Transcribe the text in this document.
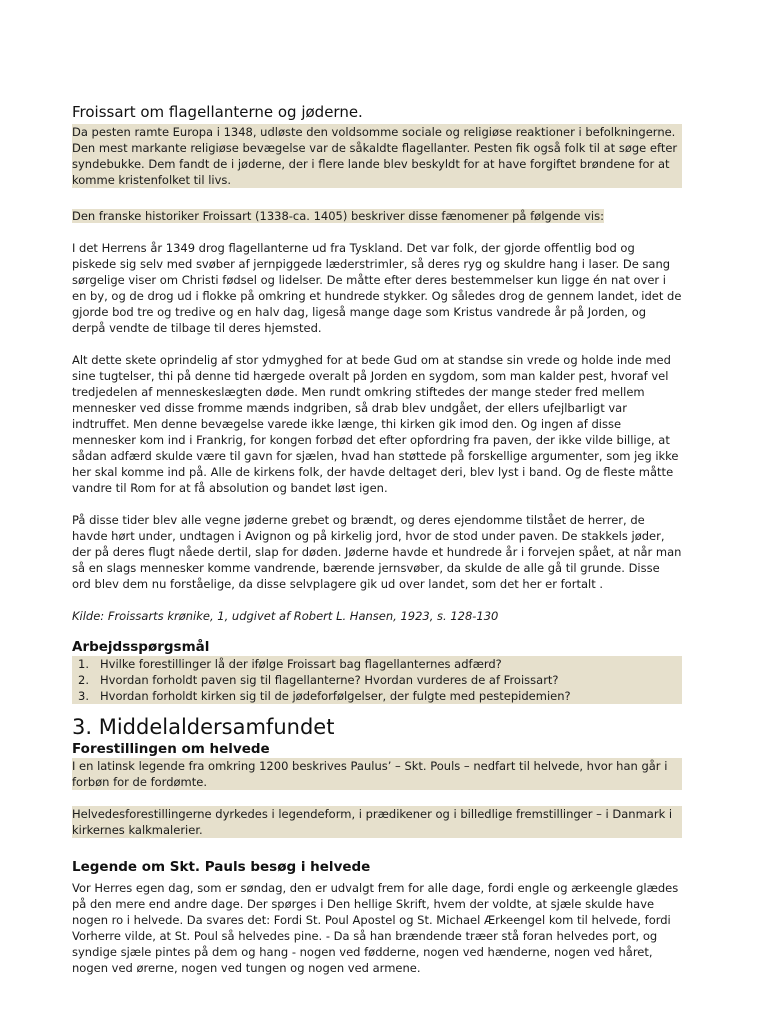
Froissart om flagellanterne og jøderne.

Da pesten ramte Europa i 1348, udløste den voldsomme sociale og religiøse reaktioner i befolkningerne. Den mest markante religiøse bevægelse var de såkaldte flagellanter. Pesten fik også folk til at søge efter syndebukke. Dem fandt de i jøderne, der i flere lande blev beskyldt for at have forgiftet brøndene for at komme kristenfolket til livs.

Den franske historiker Froissart (1338-ca. 1405) beskriver disse fænomener på følgende vis:

I det Herrens år 1349 drog flagellanterne ud fra Tyskland. Det var folk, der gjorde offentlig bod og piskede sig selv med svøber af jernpiggede læderstrimler, så deres ryg og skuldre hang i laser. De sang sørgelige viser om Christi fødsel og lidelser. De måtte efter deres bestemmelser kun ligge én nat over i en by, og de drog ud i flokke på omkring et hundrede stykker. Og således drog de gennem landet, idet de gjorde bod tre og tredive og en halv dag, ligeså mange dage som Kristus vandrede år på Jorden, og derpå vendte de tilbage til deres hjemsted.

Alt dette skete oprindelig af stor ydmyghed for at bede Gud om at standse sin vrede og holde inde med sine tugtelser, thi på denne tid hærgede overalt på Jorden en sygdom, som man kalder pest, hvoraf vel tredjedelen af menneskeslægten døde. Men rundt omkring stiftedes der mange steder fred mellem mennesker ved disse fromme mænds indgriben, så drab blev undgået, der ellers ufejlbarligt var indtruffet. Men denne bevægelse varede ikke længe, thi kirken gik imod den. Og ingen af disse mennesker kom ind i Frankrig, for kongen forbød det efter opfordring fra paven, der ikke vilde billige, at sådan adfærd skulde være til gavn for sjælen, hvad han støttede på forskellige argumenter, som jeg ikke her skal komme ind på. Alle de kirkens folk, der havde deltaget deri, blev lyst i band. Og de fleste måtte vandre til Rom for at få absolution og bandet løst igen.

På disse tider blev alle vegne jøderne grebet og brændt, og deres ejendomme tilstået de herrer, de havde hørt under, undtagen i Avignon og på kirkelig jord, hvor de stod under paven. De stakkels jøder, der på deres flugt nåede dertil, slap for døden. Jøderne havde et hundrede år i forvejen spået, at når man så en slags mennesker komme vandrende, bærende jernsvøber, da skulde de alle gå til grunde. Disse ord blev dem nu forståelige, da disse selvplagere gik ud over landet, som det her er fortalt .

Kilde: Froissarts krønike, 1, udgivet af Robert L. Hansen, 1923, s. 128-130

Arbejdsspørgsmål
1. Hvilke forestillinger lå der ifølge Froissart bag flagellanternes adfærd?
2. Hvordan forholdt paven sig til flagellanterne? Hvordan vurderes de af Froissart?
3. Hvordan forholdt kirken sig til de jødeforfølgelser, der fulgte med pestepidemien?
3. Middelaldersamfundet
Forestillingen om helvede

I en latinsk legende fra omkring 1200 beskrives Paulus’ – Skt. Pouls – nedfart til helvede, hvor han går i forbøn for de fordømte.

Helvedesforestillingerne dyrkedes i legendeform, i prædikener og i billedlige fremstillinger – i Danmark i kirkernes kalkmalerier.

Legende om Skt. Pauls besøg i helvede

Vor Herres egen dag, som er søndag, den er udvalgt frem for alle dage, fordi engle og ærkeengle glædes på den mere end andre dage. Der spørges i Den hellige Skrift, hvem der voldte, at sjæle skulde have nogen ro i helvede. Da svares det: Fordi St. Poul Apostel og St. Michael Ærkeengel kom til helvede, fordi Vorherre vilde, at St. Poul så helvedes pine. - Da så han brændende træer stå foran helvedes port, og syndige sjæle pintes på dem og hang - nogen ved fødderne, nogen ved hænderne, nogen ved håret, nogen ved ørerne, nogen ved tungen og nogen ved armene.
